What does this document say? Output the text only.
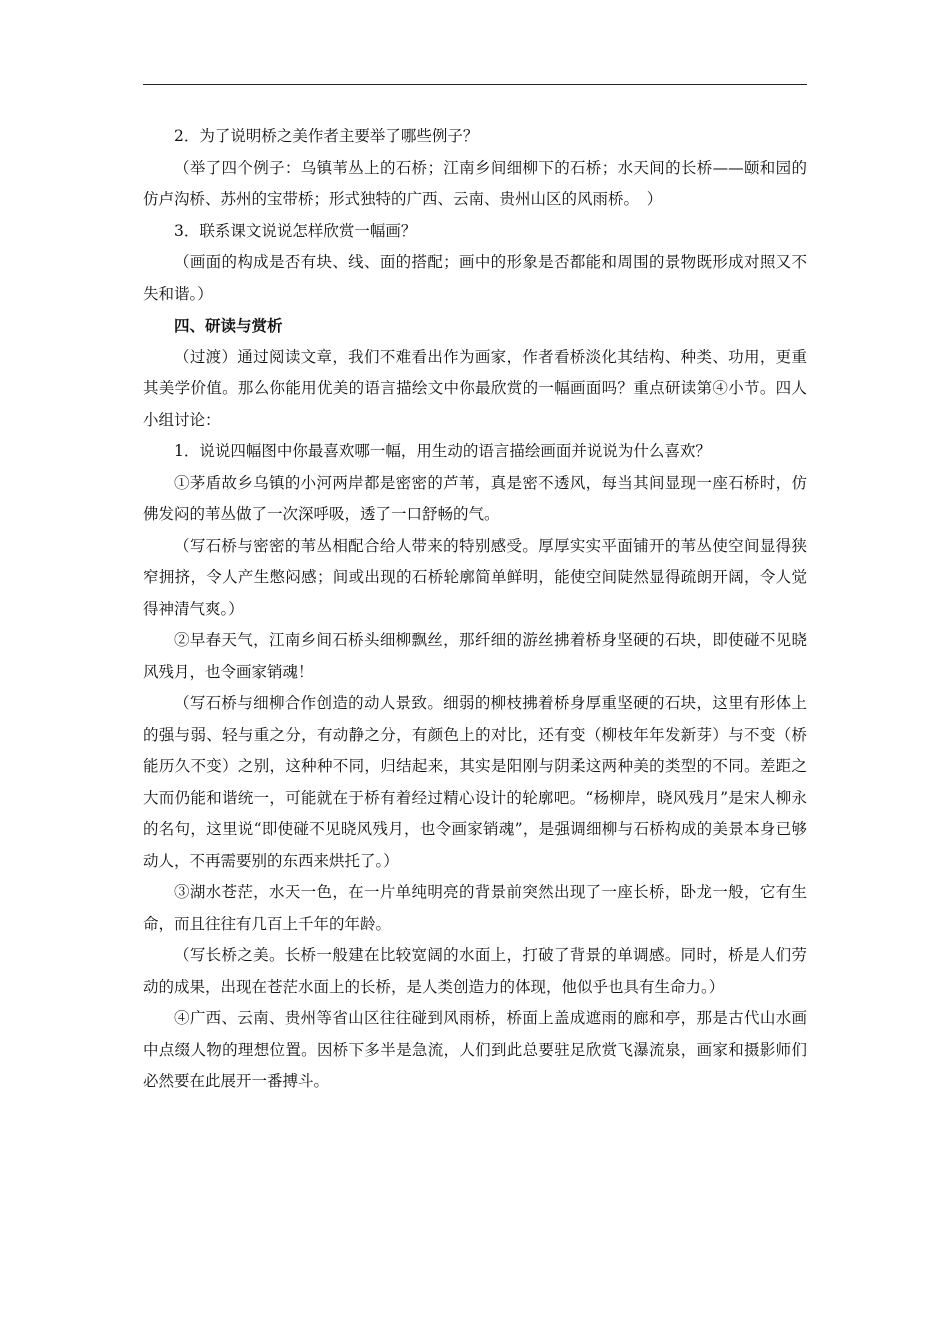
2．为了说明桥之美作者主要举了哪些例子？

（举了四个例子：乌镇苇丛上的石桥；江南乡间细柳下的石桥；水天间的长桥——颐和园的仿卢沟桥、苏州的宝带桥；形式独特的广西、云南、贵州山区的风雨桥。　）

3．联系课文说说怎样欣赏一幅画？

（画面的构成是否有块、线、面的搭配；画中的形象是否都能和周围的景物既形成对照又不失和谐。）

四、研读与赏析

（过渡）通过阅读文章，我们不难看出作为画家，作者看桥淡化其结构、种类、功用，更重其美学价值。那么你能用优美的语言描绘文中你最欣赏的一幅画面吗？重点研读第④小节。四人小组讨论：

1．说说四幅图中你最喜欢哪一幅，用生动的语言描绘画面并说说为什么喜欢？

①茅盾故乡乌镇的小河两岸都是密密的芦苇，真是密不透风，每当其间显现一座石桥时，仿佛发闷的苇丛做了一次深呼吸，透了一口舒畅的气。

（写石桥与密密的苇丛相配合给人带来的特别感受。厚厚实实平面铺开的苇丛使空间显得狭窄拥挤，令人产生憋闷感；间或出现的石桥轮廓简单鲜明，能使空间陡然显得疏朗开阔，令人觉得神清气爽。）

②早春天气，江南乡间石桥头细柳飘丝，那纤细的游丝拂着桥身坚硬的石块，即使碰不见晓风残月，也令画家销魂！

（写石桥与细柳合作创造的动人景致。细弱的柳枝拂着桥身厚重坚硬的石块，这里有形体上的强与弱、轻与重之分，有动静之分，有颜色上的对比，还有变（柳枝年年发新芽）与不变（桥能历久不变）之别，这种种不同，归结起来，其实是阳刚与阴柔这两种美的类型的不同。差距之大而仍能和谐统一，可能就在于桥有着经过精心设计的轮廓吧。“杨柳岸，晓风残月”是宋人柳永的名句，这里说“即使碰不见晓风残月，也令画家销魂”，是强调细柳与石桥构成的美景本身已够动人，不再需要别的东西来烘托了。）

③湖水苍茫，水天一色，在一片单纯明亮的背景前突然出现了一座长桥，卧龙一般，它有生命，而且往往有几百上千年的年龄。

（写长桥之美。长桥一般建在比较宽阔的水面上，打破了背景的单调感。同时，桥是人们劳动的成果，出现在苍茫水面上的长桥，是人类创造力的体现，他似乎也具有生命力。）

④广西、云南、贵州等省山区往往碰到风雨桥，桥面上盖成遮雨的廊和亭，那是古代山水画中点缀人物的理想位置。因桥下多半是急流，人们到此总要驻足欣赏飞瀑流泉，画家和摄影师们必然要在此展开一番搏斗。
